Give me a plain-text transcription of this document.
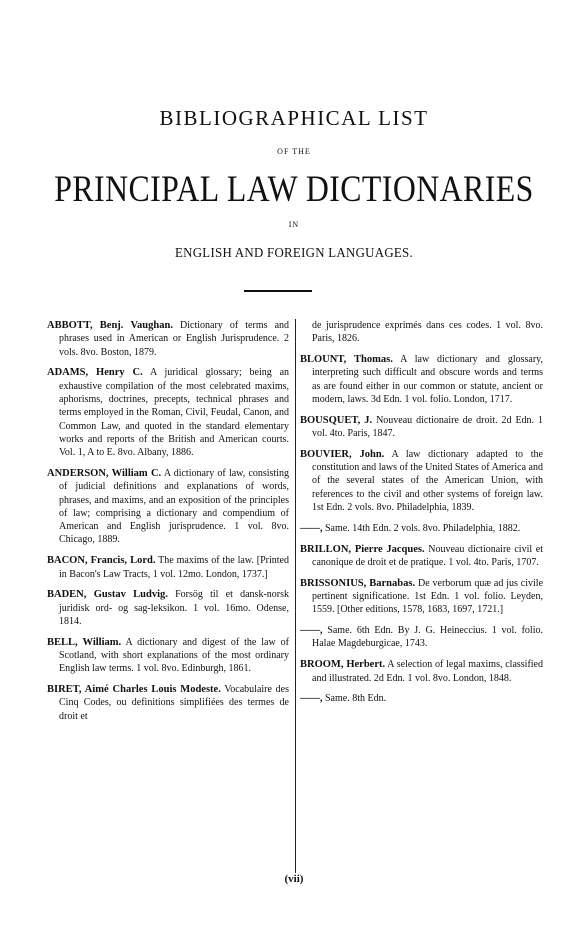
BIBLIOGRAPHICAL LIST
OF THE
PRINCIPAL LAW DICTIONARIES
IN
ENGLISH AND FOREIGN LANGUAGES.

ABBOTT, Benj. Vaughan. Dictionary of terms and phrases used in American or English Jurisprudence. 2 vols. 8vo. Boston, 1879.

ADAMS, Henry C. A juridical glossary; being an exhaustive compilation of the most celebrated maxims, aphorisms, doctrines, precepts, technical phrases and terms employed in the Roman, Civil, Feudal, Canon, and Common Law, and quoted in the standard elementary works and reports of the British and American courts. Vol. 1, A to E. 8vo. Albany, 1886.

ANDERSON, William C. A dictionary of law, consisting of judicial definitions and explanations of words, phrases, and maxims, and an exposition of the principles of law; comprising a dictionary and compendium of American and English jurisprudence. 1 vol. 8vo. Chicago, 1889.

BACON, Francis, Lord. The maxims of the law. [Printed in Bacon's Law Tracts, 1 vol. 12mo. London, 1737.]

BADEN, Gustav Ludvig. Forsög til et dansk-norsk juridisk ord- og sag-leksikon. 1 vol. 16mo. Odense, 1814.

BELL, William. A dictionary and digest of the law of Scotland, with short explanations of the most ordinary English law terms. 1 vol. 8vo. Edinburgh, 1861.

BIRET, Aimé Charles Louis Modeste. Vocabulaire des Cinq Codes, ou definitions simplifiées des termes de droit et

de jurisprudence exprimés dans ces codes. 1 vol. 8vo. Paris, 1826.

BLOUNT, Thomas. A law dictionary and glossary, interpreting such difficult and obscure words and terms as are found either in our common or statute, ancient or modern, laws. 3d Edn. 1 vol. folio. London, 1717.

BOUSQUET, J. Nouveau dictionaire de droit. 2d Edn. 1 vol. 4to. Paris, 1847.

BOUVIER, John. A law dictionary adapted to the constitution and laws of the United States of America and of the several states of the American Union, with references to the civil and other systems of foreign law. 1st Edn. 2 vols. 8vo. Philadelphia, 1839.

——, Same. 14th Edn. 2 vols. 8vo. Philadelphia, 1882.

BRILLON, Pierre Jacques. Nouveau dictionaire civil et canonique de droit et de pratique. 1 vol. 4to. Paris, 1707.

BRISSONIUS, Barnabas. De verborum quæ ad jus civile pertinent significatione. 1st Edn. 1 vol. folio. Leyden, 1559. [Other editions, 1578, 1683, 1697, 1721.]

——, Same. 6th Edn. By J. G. Heineccius. 1 vol. folio. Halae Magdeburgicae, 1743.

BROOM, Herbert. A selection of legal maxims, classified and illustrated. 2d Edn. 1 vol. 8vo. London, 1848.

——, Same. 8th Edn.

(vii)
